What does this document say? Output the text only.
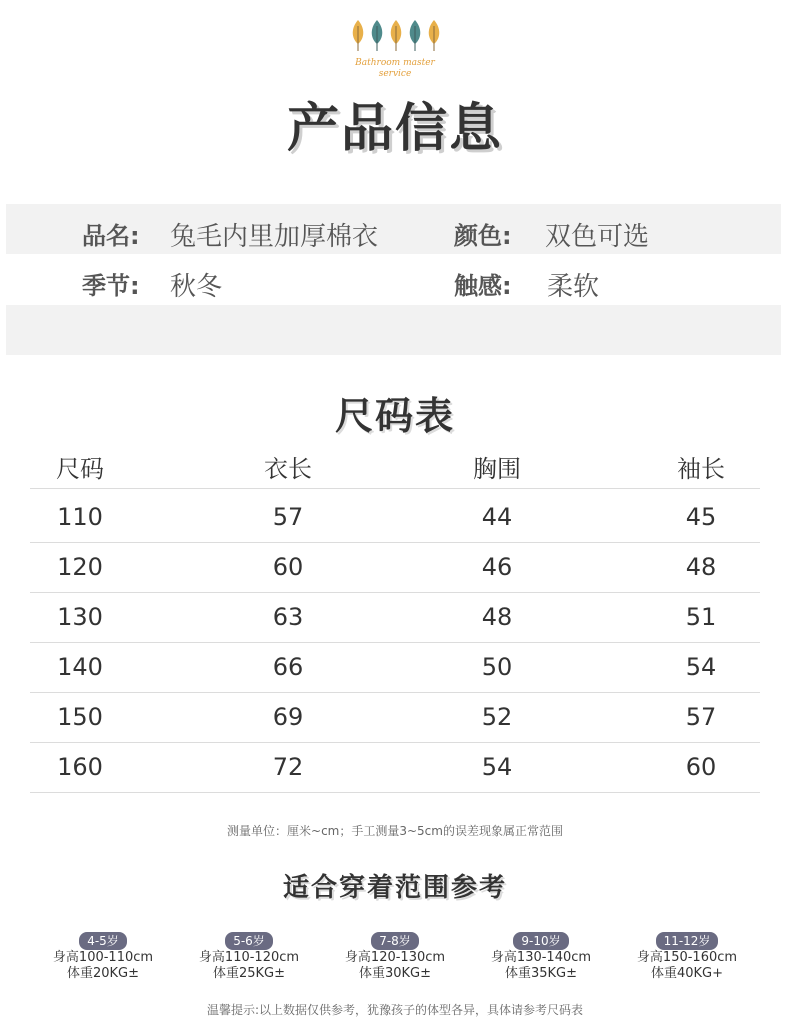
Bathroom master
service
产品信息
品名: 兔毛内里加厚棉衣	颜色: 双色可选
季节: 秋冬	触感: 柔软
尺码表
尺码	衣长	胸围	袖长
110	57	44	45
120	60	46	48
130	63	48	51
140	66	50	54
150	69	52	57
160	72	54	60
测量单位：厘米~cm；手工测量3~5cm的误差现象属正常范围
适合穿着范围参考
4-5岁
身高100-110cm
体重20KG±
5-6岁
身高110-120cm
体重25KG±
7-8岁
身高120-130cm
体重30KG±
9-10岁
身高130-140cm
体重35KG±
11-12岁
身高150-160cm
体重40KG+
温馨提示:以上数据仅供参考，犹豫孩子的体型各异，具体请参考尺码表
